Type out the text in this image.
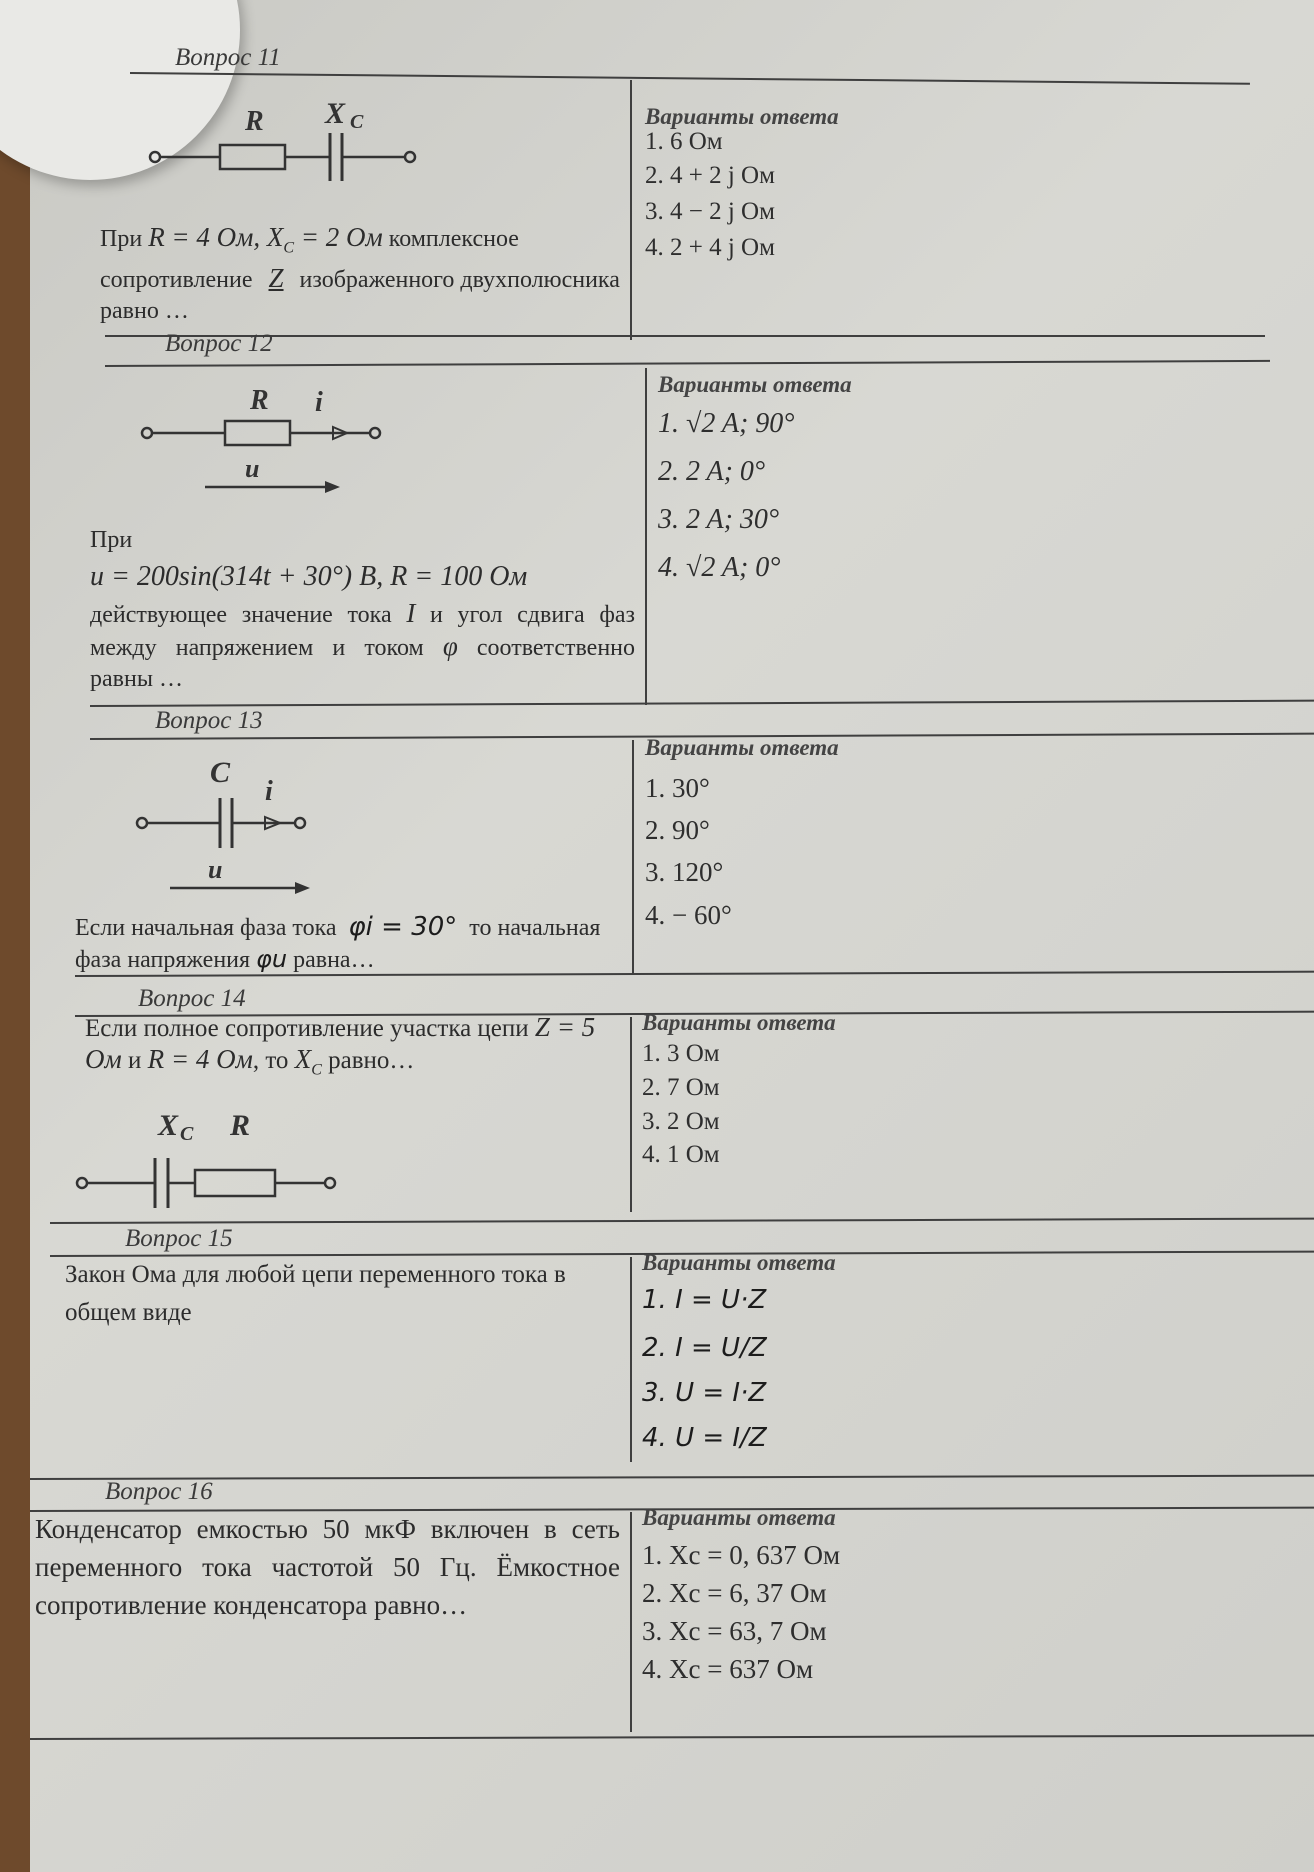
Вопрос 11
R X C
При R = 4 Ом, $X_C = 2$ Ом комплексное сопротивление Z изображенного двухполюсника равно …
Варианты ответа
1. 6 Ом
2. 4 + 2 j Ом
3. 4 − 2 j Ом
4. 2 + 4 j Ом
Вопрос 12
R i
u
При
u = 200sin(314t + 30°) B, R = 100 Ом
действующее значение тока I и угол сдвига фаз между напряжением и током φ соответственно равны …
Варианты ответа
1. √2 A; 90°
2. 2 A; 0°
3. 2 A; 30°
4. √2 A; 0°
Вопрос 13
C
i
u
Если начальная фаза тока φi = 30° то начальная фаза напряжения φu равна…
Варианты ответа
1. 30°
2. 90°
3. 120°
4. − 60°
Вопрос 14
Если полное сопротивление участка цепи Z = 5 Ом и R = 4 Ом, то $X_C$ равно…
X C R
Варианты ответа
1. 3 Ом
2. 7 Ом
3. 2 Ом
4. 1 Ом
Вопрос 15
Закон Ома для любой цепи переменного тока в общем виде
Варианты ответа
1. I = U·Z
2. I = U/Z
3. U = I·Z
4. U = I/Z
Вопрос 16
Конденсатор емкостью 50 мкФ включен в сеть переменного тока частотой 50 Гц. Ёмкостное сопротивление конденсатора равно…
Варианты ответа
1. Xc = 0, 637 Ом
2. Xc = 6, 37 Ом
3. Xc = 63, 7 Ом
4. Xc = 637 Ом
